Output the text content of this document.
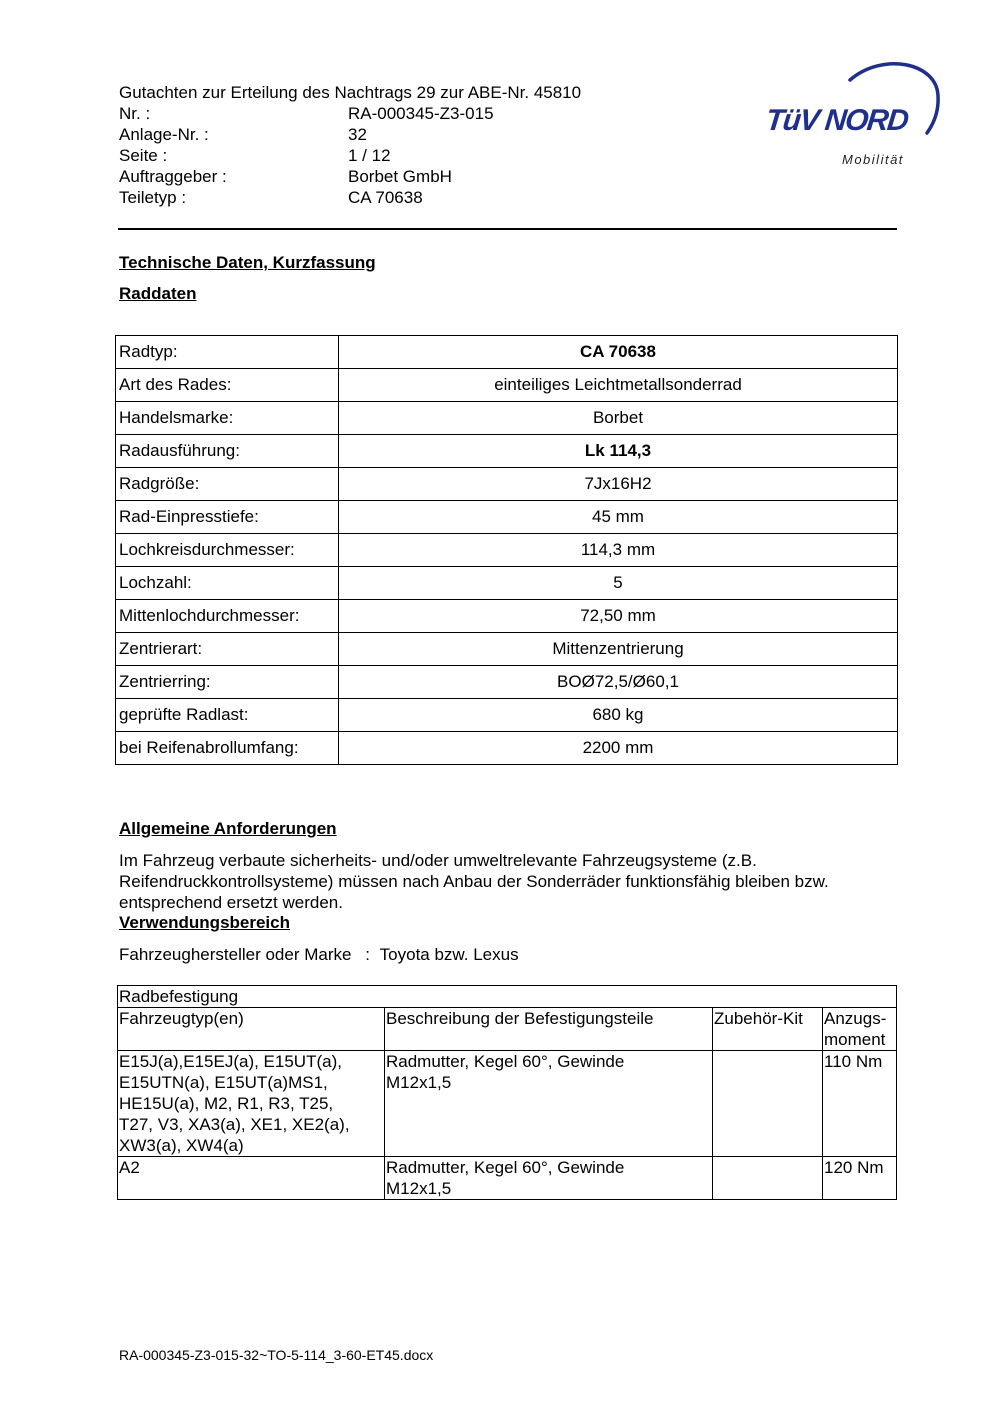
Gutachten zur Erteilung des Nachtrags 29 zur ABE-Nr. 45810
Nr. :	RA-000345-Z3-015
Anlage-Nr. :	32
Seite :	1 / 12
Auftraggeber :	Borbet GmbH
Teiletyp :	CA 70638
TüV NORD
Mobilität
Technische Daten, Kurzfassung
Raddaten
Radtyp:	CA 70638
Art des Rades:	einteiliges Leichtmetallsonderrad
Handelsmarke:	Borbet
Radausführung:	Lk 114,3
Radgröße:	7Jx16H2
Rad-Einpresstiefe:	45 mm
Lochkreisdurchmesser:	114,3 mm
Lochzahl:	5
Mittenlochdurchmesser:	72,50 mm
Zentrierart:	Mittenzentrierung
Zentrierring:	BOØ72,5/Ø60,1
geprüfte Radlast:	680 kg
bei Reifenabrollumfang:	2200 mm
Allgemeine Anforderungen
Im Fahrzeug verbaute sicherheits- und/oder umweltrelevante Fahrzeugsysteme (z.B.
Reifendruckkontrollsysteme) müssen nach Anbau der Sonderräder funktionsfähig bleiben bzw.
entsprechend ersetzt werden.
Verwendungsbereich
Fahrzeughersteller oder Marke : Toyota bzw. Lexus
Radbefestigung			
Fahrzeugtyp(en)	Beschreibung der Befestigungsteile	Zubehör-Kit	Anzugs-
moment
E15J(a),E15EJ(a), E15UT(a),
E15UTN(a), E15UT(a)MS1,
HE15U(a), M2, R1, R3, T25,
T27, V3, XA3(a), XE1, XE2(a),
XW3(a), XW4(a)	Radmutter, Kegel 60°, Gewinde
M12x1,5		110 Nm
A2	Radmutter, Kegel 60°, Gewinde
M12x1,5		120 Nm
RA-000345-Z3-015-32~TO-5-114_3-60-ET45.docx
